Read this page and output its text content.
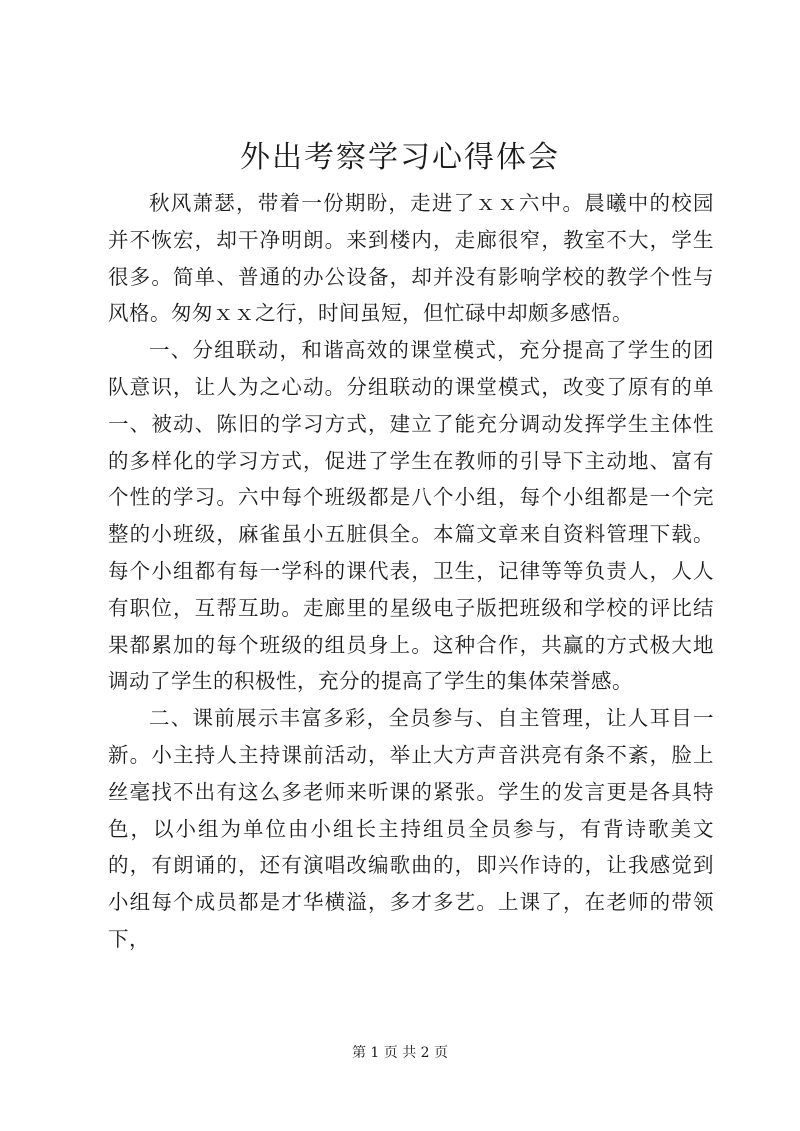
外出考察学习心得体会

秋风萧瑟，带着一份期盼，走进了ｘｘ六中。晨曦中的校园并不恢宏，却干净明朗。来到楼内，走廊很窄，教室不大，学生很多。简单、普通的办公设备，却并没有影响学校的教学个性与风格。匆匆ｘｘ之行，时间虽短，但忙碌中却颇多感悟。

一、分组联动，和谐高效的课堂模式，充分提高了学生的团队意识，让人为之心动。分组联动的课堂模式，改变了原有的单一、被动、陈旧的学习方式，建立了能充分调动发挥学生主体性的多样化的学习方式，促进了学生在教师的引导下主动地、富有个性的学习。六中每个班级都是八个小组，每个小组都是一个完整的小班级，麻雀虽小五脏俱全。本篇文章来自资料管理下载。每个小组都有每一学科的课代表，卫生，记律等等负责人，人人有职位，互帮互助。走廊里的星级电子版把班级和学校的评比结果都累加的每个班级的组员身上。这种合作，共赢的方式极大地调动了学生的积极性，充分的提高了学生的集体荣誉感。

二、课前展示丰富多彩，全员参与、自主管理，让人耳目一新。小主持人主持课前活动，举止大方声音洪亮有条不紊，脸上丝毫找不出有这么多老师来听课的紧张。学生的发言更是各具特色，以小组为单位由小组长主持组员全员参与，有背诗歌美文的，有朗诵的，还有演唱改编歌曲的，即兴作诗的，让我感觉到小组每个成员都是才华横溢，多才多艺。上课了，在老师的带领下，

第 1 页 共 2 页
